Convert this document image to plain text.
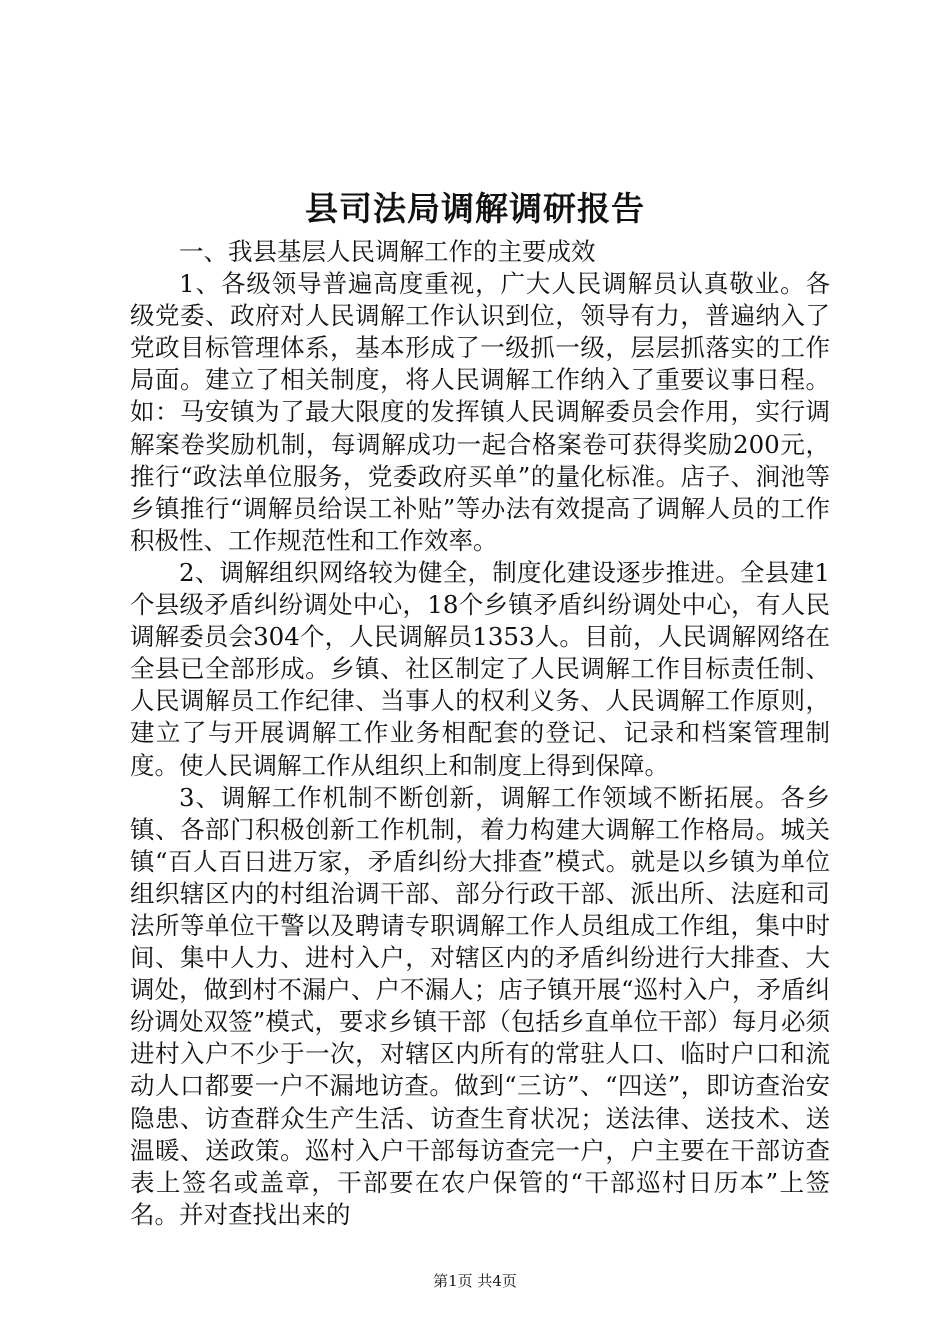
县司法局调解调研报告

一、我县基层人民调解工作的主要成效

1、各级领导普遍高度重视，广大人民调解员认真敬业。各级党委、政府对人民调解工作认识到位，领导有力，普遍纳入了党政目标管理体系，基本形成了一级抓一级，层层抓落实的工作局面。建立了相关制度，将人民调解工作纳入了重要议事日程。如：马安镇为了最大限度的发挥镇人民调解委员会作用，实行调解案卷奖励机制，每调解成功一起合格案卷可获得奖励200元，推行“政法单位服务，党委政府买单”的量化标准。店子、涧池等乡镇推行“调解员给误工补贴”等办法有效提高了调解人员的工作积极性、工作规范性和工作效率。

2、调解组织网络较为健全，制度化建设逐步推进。全县建1个县级矛盾纠纷调处中心，18个乡镇矛盾纠纷调处中心，有人民调解委员会304个，人民调解员1353人。目前，人民调解网络在全县已全部形成。乡镇、社区制定了人民调解工作目标责任制、人民调解员工作纪律、当事人的权利义务、人民调解工作原则，建立了与开展调解工作业务相配套的登记、记录和档案管理制度。使人民调解工作从组织上和制度上得到保障。

3、调解工作机制不断创新，调解工作领域不断拓展。各乡镇、各部门积极创新工作机制，着力构建大调解工作格局。城关镇“百人百日进万家，矛盾纠纷大排查”模式。就是以乡镇为单位组织辖区内的村组治调干部、部分行政干部、派出所、法庭和司法所等单位干警以及聘请专职调解工作人员组成工作组，集中时间、集中人力、进村入户，对辖区内的矛盾纠纷进行大排查、大调处，做到村不漏户、户不漏人；店子镇开展“巡村入户，矛盾纠纷调处双签”模式，要求乡镇干部（包括乡直单位干部）每月必须进村入户不少于一次，对辖区内所有的常驻人口、临时户口和流动人口都要一户不漏地访查。做到“三访”、“四送”，即访查治安隐患、访查群众生产生活、访查生育状况；送法律、送技术、送温暖、送政策。巡村入户干部每访查完一户，户主要在干部访查表上签名或盖章，干部要在农户保管的“干部巡村日历本”上签名。并对查找出来的

第1页 共4页
